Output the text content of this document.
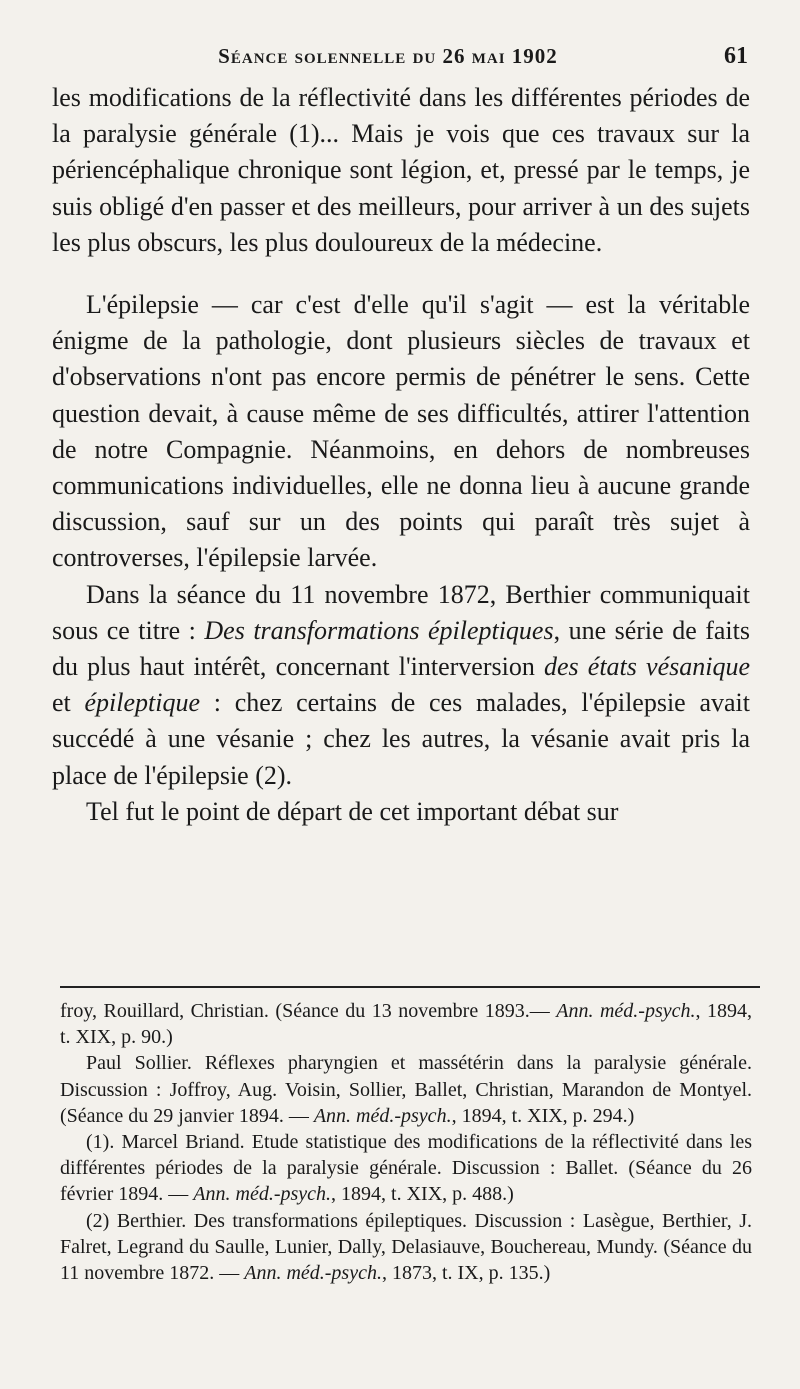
Séance solennelle du 26 mai 1902	61

les modifications de la réflectivité dans les différentes périodes de la paralysie générale (1)... Mais je vois que ces travaux sur la périencéphalique chronique sont légion, et, pressé par le temps, je suis obligé d'en passer et des meilleurs, pour arriver à un des sujets les plus obscurs, les plus douloureux de la médecine.

L'épilepsie — car c'est d'elle qu'il s'agit — est la véritable énigme de la pathologie, dont plusieurs siècles de travaux et d'observations n'ont pas encore permis de pénétrer le sens. Cette question devait, à cause même de ses difficultés, attirer l'attention de notre Compagnie. Néanmoins, en dehors de nombreuses communications individuelles, elle ne donna lieu à aucune grande discussion, sauf sur un des points qui paraît très sujet à controverses, l'épilepsie larvée.

Dans la séance du 11 novembre 1872, Berthier communiquait sous ce titre : Des transformations épileptiques, une série de faits du plus haut intérêt, concernant l'interversion des états vésanique et épileptique : chez certains de ces malades, l'épilepsie avait succédé à une vésanie ; chez les autres, la vésanie avait pris la place de l'épilepsie (2).

Tel fut le point de départ de cet important débat sur

froy, Rouillard, Christian. (Séance du 13 novembre 1893.— Ann. méd.-psych., 1894, t. XIX, p. 90.)

Paul Sollier. Réflexes pharyngien et massétérin dans la paralysie générale. Discussion : Joffroy, Aug. Voisin, Sollier, Ballet, Christian, Marandon de Montyel. (Séance du 29 janvier 1894. — Ann. méd.-psych., 1894, t. XIX, p. 294.)

(1). Marcel Briand. Etude statistique des modifications de la réflectivité dans les différentes périodes de la paralysie générale. Discussion : Ballet. (Séance du 26 février 1894. — Ann. méd.-psych., 1894, t. XIX, p. 488.)

(2) Berthier. Des transformations épileptiques. Discussion : Lasègue, Berthier, J. Falret, Legrand du Saulle, Lunier, Dally, Delasiauve, Bouchereau, Mundy. (Séance du 11 novembre 1872. — Ann. méd.-psych., 1873, t. IX, p. 135.)
